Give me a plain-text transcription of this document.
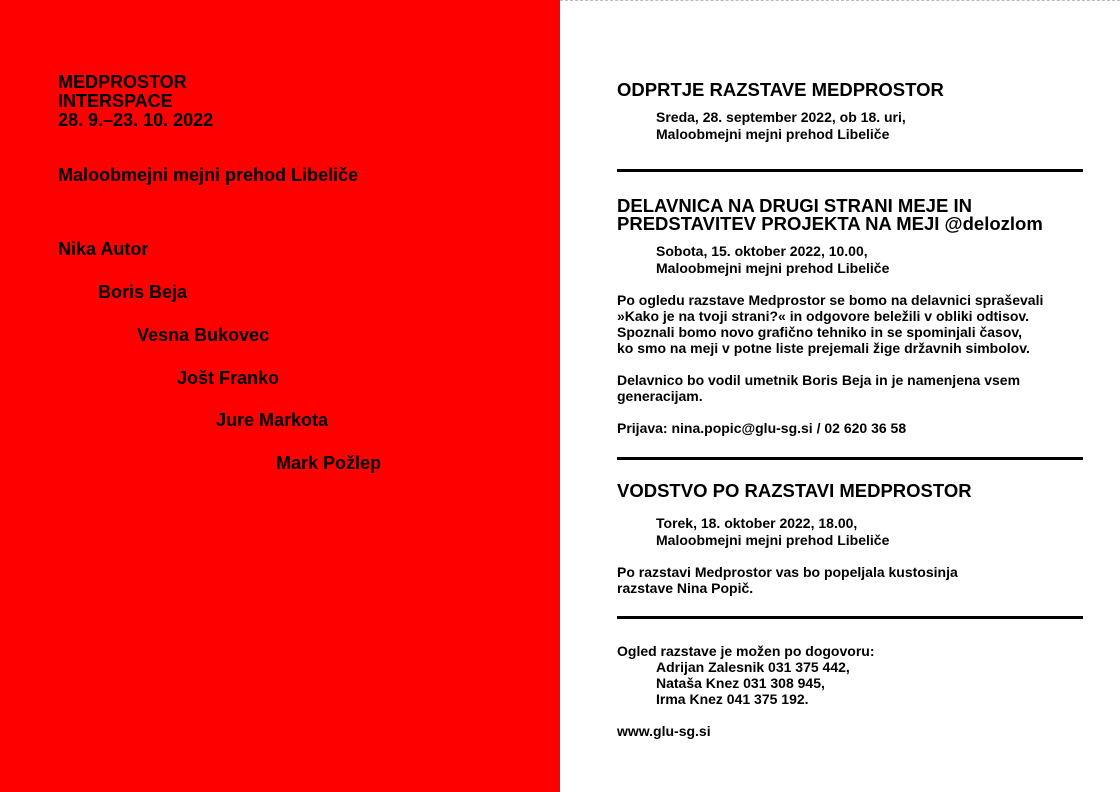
MEDPROSTOR
INTERSPACE
28. 9.–23. 10. 2022
Maloobmejni mejni prehod Libeliče
Nika Autor
Boris Beja
Vesna Bukovec
Jošt Franko
Jure Markota
Mark Požlep
ODPRTJE RAZSTAVE MEDPROSTOR
Sreda, 28. september 2022, ob 18. uri,
Maloobmejni mejni prehod Libeliče
DELAVNICA NA DRUGI STRANI MEJE IN
PREDSTAVITEV PROJEKTA NA MEJI @delozlom
Sobota, 15. oktober 2022, 10.00,
Maloobmejni mejni prehod Libeliče
Po ogledu razstave Medprostor se bomo na delavnici spraševali
»Kako je na tvoji strani?« in odgovore beležili v obliki odtisov.
Spoznali bomo novo grafično tehniko in se spominjali časov,
ko smo na meji v potne liste prejemali žige državnih simbolov.
Delavnico bo vodil umetnik Boris Beja in je namenjena vsem
generacijam.
Prijava: nina.popic@glu-sg.si / 02 620 36 58
VODSTVO PO RAZSTAVI MEDPROSTOR
Torek, 18. oktober 2022, 18.00,
Maloobmejni mejni prehod Libeliče
Po razstavi Medprostor vas bo popeljala kustosinja
razstave Nina Popič.
Ogled razstave je možen po dogovoru:
Adrijan Zalesnik 031 375 442,
Nataša Knez 031 308 945,
Irma Knez 041 375 192.
www.glu-sg.si
